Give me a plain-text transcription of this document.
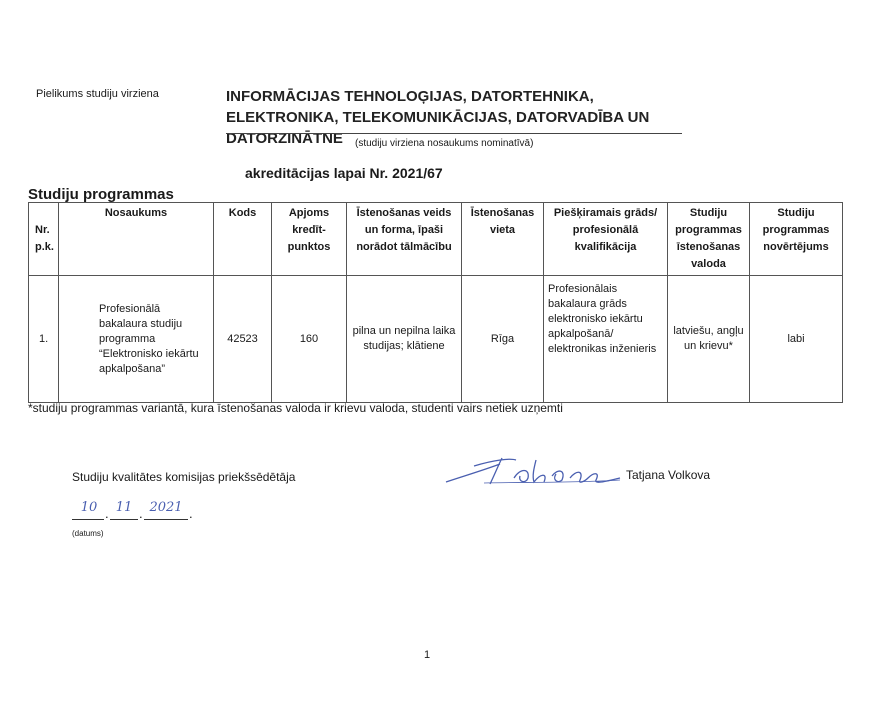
Pielikums studiju virziena	INFORMĀCIJAS TEHNOLOĢIJAS, DATORTEHNIKA, ELEKTRONIKA, TELEKOMUNIKĀCIJAS, DATORVADĪBA UN DATORZINĀTNE	(studiju virziena nosaukums nominatīvā)
akreditācijas lapai Nr. 2021/67
Studiju programmas
Nr. p.k.	Nosaukums	Kods	Apjoms kredīt-punktos	Īstenošanas veids un forma, īpaši norādot tālmācību	Īstenošanas vieta	Piešķiramais grāds/ profesionālā kvalifikācija	Studiju programmas īstenošanas valoda	Studiju programmas novērtējums
1.	Profesionālā bakalaura studiju programma “Elektronisko iekārtu apkalpošana”	42523	160	pilna un nepilna laika studijas; klātiene	Rīga	Profesionālais bakalaura grāds elektronisko iekārtu apkalpošanā/ elektronikas inženieris	latviešu, angļu un krievu*	labi
*studiju programmas variantā, kura īstenošanas valoda ir krievu valoda, studenti vairs netiek uzņemti
Studiju kvalitātes komisijas priekšsēdētāja	Volkova	Tatjana Volkova
10 . 11 . 2021 .
(datums)
1
